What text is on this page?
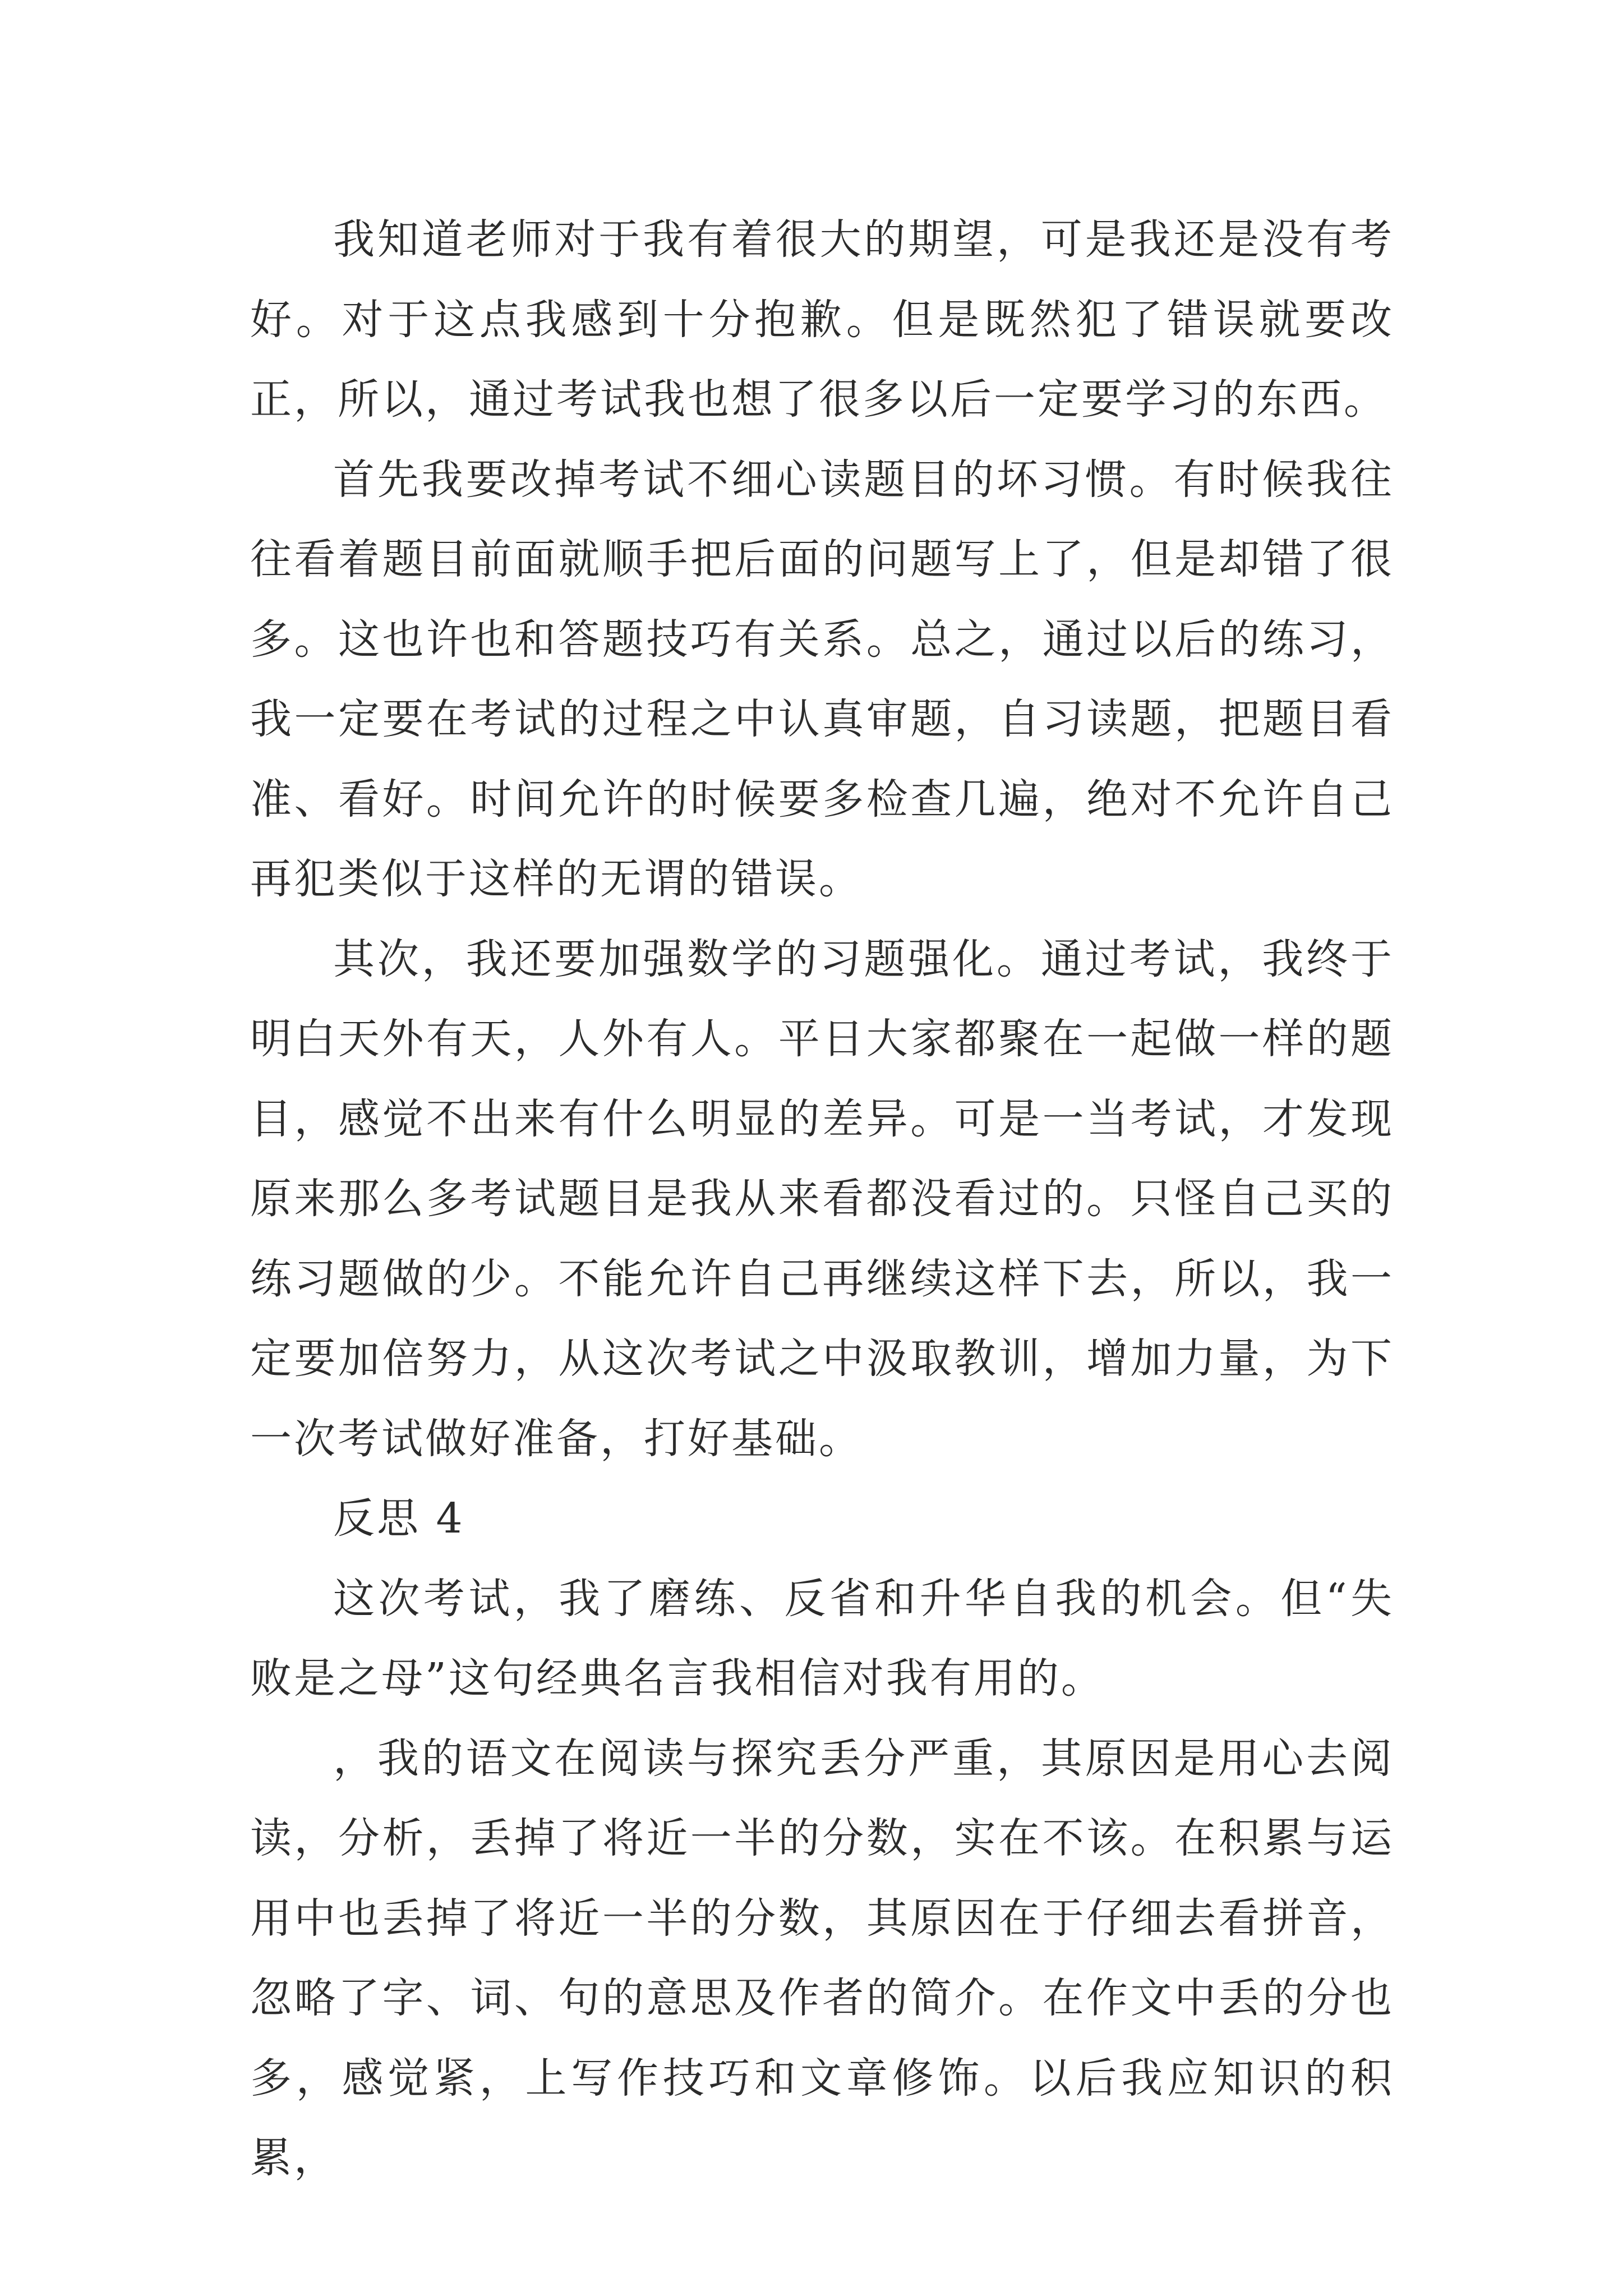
我知道老师对于我有着很大的期望，可是我还是没有考好。对于这点我感到十分抱歉。但是既然犯了错误就要改正，所以，通过考试我也想了很多以后一定要学习的东西。

首先我要改掉考试不细心读题目的坏习惯。有时候我往往看着题目前面就顺手把后面的问题写上了，但是却错了很多。这也许也和答题技巧有关系。总之，通过以后的练习，我一定要在考试的过程之中认真审题，自习读题，把题目看准、看好。时间允许的时候要多检查几遍，绝对不允许自己再犯类似于这样的无谓的错误。

其次，我还要加强数学的习题强化。通过考试，我终于明白天外有天，人外有人。平日大家都聚在一起做一样的题目，感觉不出来有什么明显的差异。可是一当考试，才发现原来那么多考试题目是我从来看都没看过的。只怪自己买的练习题做的少。不能允许自己再继续这样下去，所以，我一定要加倍努力，从这次考试之中汲取教训，增加力量，为下一次考试做好准备，打好基础。

反思 4

这次考试，我了磨练、反省和升华自我的机会。但“失败是之母”这句经典名言我相信对我有用的。

，我的语文在阅读与探究丢分严重，其原因是用心去阅读，分析，丢掉了将近一半的分数，实在不该。在积累与运用中也丢掉了将近一半的分数，其原因在于仔细去看拼音，忽略了字、词、句的意思及作者的简介。在作文中丢的分也多，感觉紧，上写作技巧和文章修饰。以后我应知识的积累，
